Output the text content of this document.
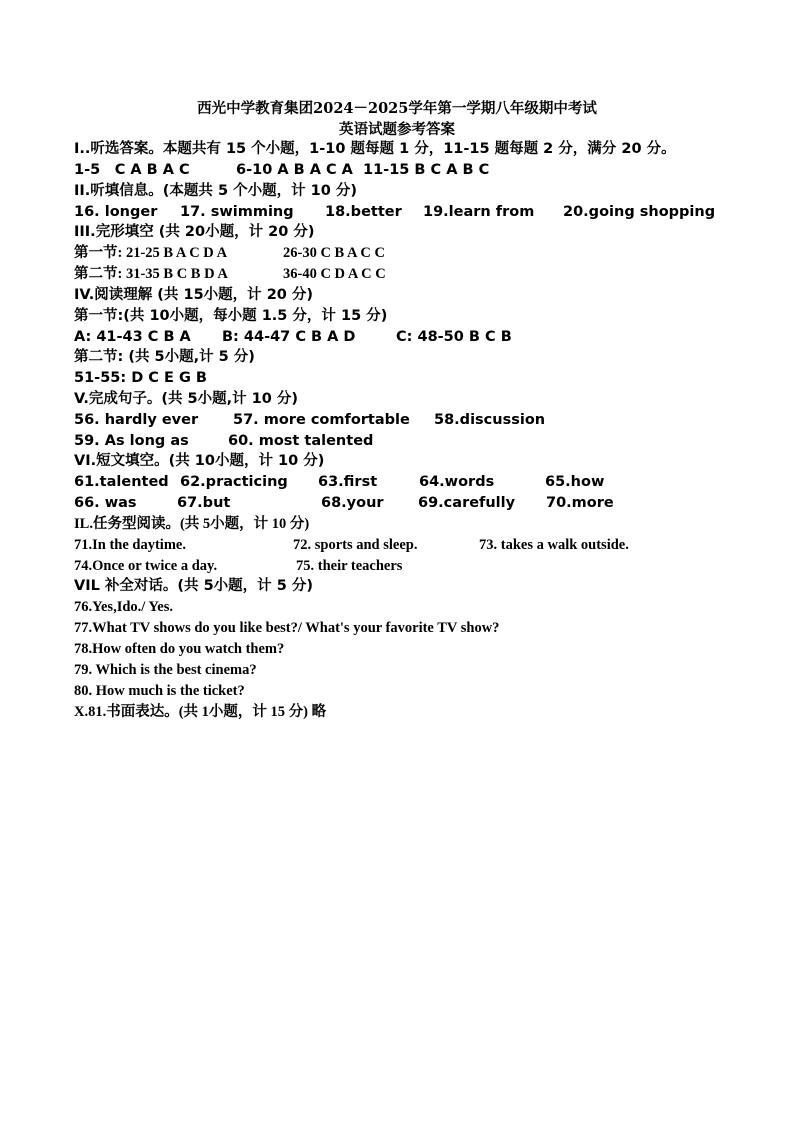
西光中学教育集团2024－2025学年第一学期八年级期中考试
英语试题参考答案
I..听选答案。本题共有 15 个小题，1-10 题每题 1 分，11-15 题每题 2 分，满分 20 分。
1-5　C A B A C	6-10 A B A C A 11-15 B C A B C
II.听填信息。(本题共 5 个小题，计 10 分)
16. longer 17. swimming 18.better 19.learn from 20.going shopping
III.完形填空 (共 20小题，计 20 分)
第一节: 21-25 B A C D A	26-30 C B A C C
第二节: 31-35 B C B D A	36-40 C D A C C
IV.阅读理解 (共 15小题，计 20 分)
第一节:(共 10小题，每小题 1.5 分，计 15 分)
A: 41-43 C B A B: 44-47 C B A D	C: 48-50 B C B
第二节: (共 5小题,计 5 分)
51-55: D C E G B
V.完成句子。(共 5小题,计 10 分)
56. hardly ever 57. more comfortable 58.discussion
59. As long as	60. most talented
VI.短文填空。(共 10小题，计 10 分)
61.talented 62.practicing 63.first	64.words	65.how
66. was	67.but	68.your 69.carefully 70.more
IL.任务型阅读。(共 5小题，计 10 分)
71.In the daytime.	72. sports and sleep.	73. takes a walk outside.
74.Once or twice a day.	75. their teachers
VIL 补全对话。(共 5小题，计 5 分)
76.Yes,Ido./ Yes.
77.What TV shows do you like best?/ What's your favorite TV show?
78.How often do you watch them?
79. Which is the best cinema?
80. How much is the ticket?
X.81.书面表达。(共 1小题，计 15 分) 略
